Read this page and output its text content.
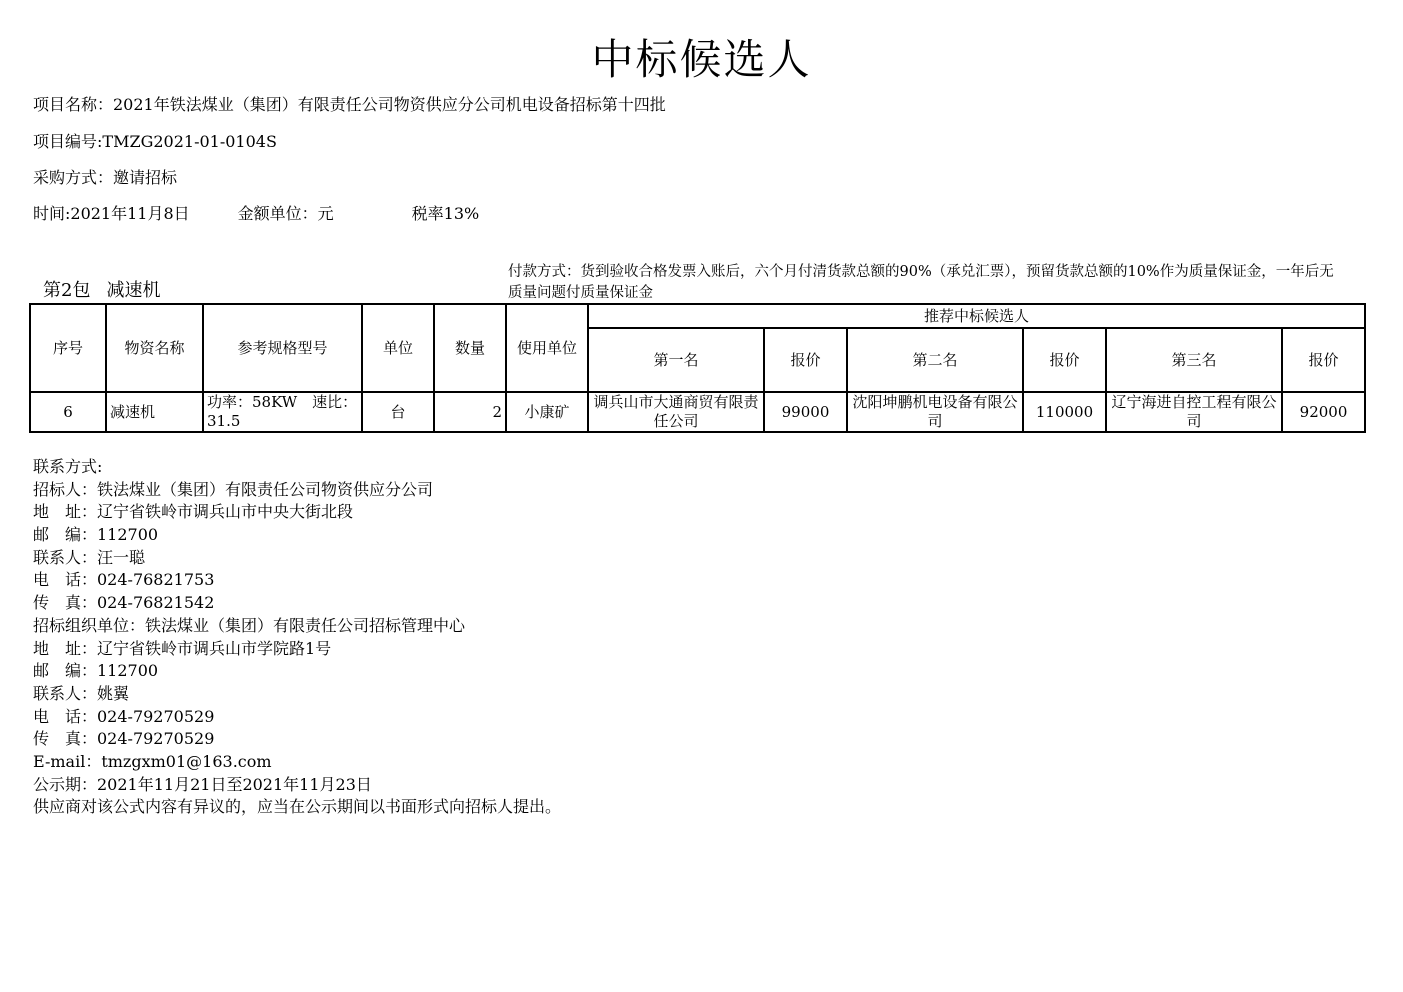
中标候选人
项目名称：2021年铁法煤业（集团）有限责任公司物资供应分公司机电设备招标第十四批
项目编号:TMZG2021-01-0104S
采购方式：邀请招标
时间:2021年11月8日	金额单位：元	税率13%
第2包 减速机
付款方式：货到验收合格发票入账后，六个月付清货款总额的90%（承兑汇票），预留货款总额的10%作为质量保证金，一年后无质量问题付质量保证金
序号	物资名称	参考规格型号	单位	数量	使用单位	推荐中标候选人					
						第一名	报价	第二名	报价	第三名	报价
6	减速机	功率：58KW　速比：31.5	台	2	小康矿	调兵山市大通商贸有限责任公司	99000	沈阳坤鹏机电设备有限公司	110000	辽宁海进自控工程有限公司	92000
联系方式:
招标人：铁法煤业（集团）有限责任公司物资供应分公司
地　址：辽宁省铁岭市调兵山市中央大街北段
邮　编：112700
联系人：汪一聪
电　话：024-76821753
传　真：024-76821542
招标组织单位：铁法煤业（集团）有限责任公司招标管理中心
地　址：辽宁省铁岭市调兵山市学院路1号
邮　编：112700
联系人：姚翼
电　话：024-79270529
传　真：024-79270529
E-mail：tmzgxm01@163.com
公示期：2021年11月21日至2021年11月23日
供应商对该公式内容有异议的，应当在公示期间以书面形式向招标人提出。
